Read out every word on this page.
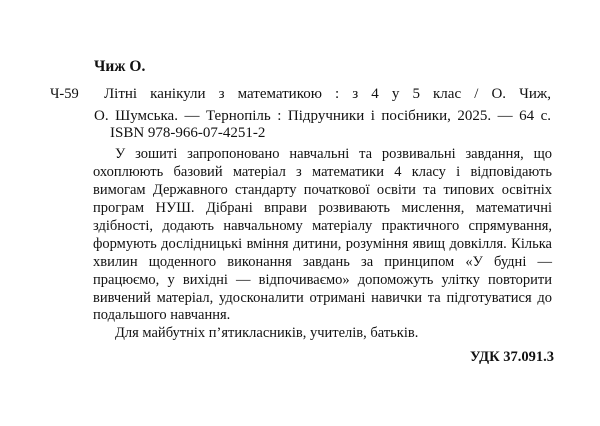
Чиж О.
Ч-59 Літні канікули з математикою : з 4 у 5 клас / О. Чиж,
О. Шумська. — Тернопіль : Підручники і посібники, 2025. — 64 с.
ISBN 978-966-07-4251-2
У зошиті запропоновано навчальні та розвивальні завдання, що
охоплюють базовий матеріал з математики 4 класу і відповідають
вимогам Державного стандарту початкової освіти та типових освітніх
програм НУШ. Дібрані вправи розвивають мислення, математичні
здібності, додають навчальному матеріалу практичного спрямування,
формують дослідницькі вміння дитини, розуміння явищ довкілля. Кілька
хвилин щоденного виконання завдань за принципом «У будні —
працюємо, у вихідні — відпочиваємо» допоможуть улітку повторити
вивчений матеріал, удосконалити отримані навички та підготуватися до
подальшого навчання.
Для майбутніх п’ятикласників, учителів, батьків.
УДК 37.091.3
